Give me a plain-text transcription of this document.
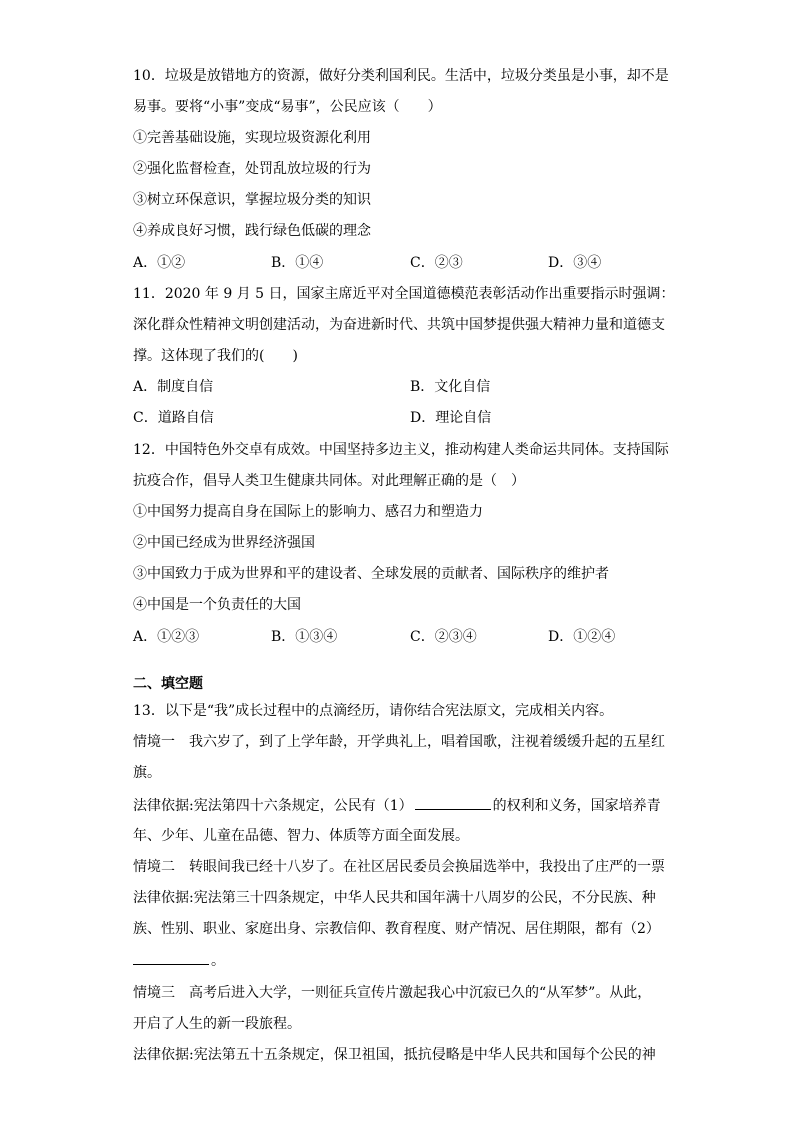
10．垃圾是放错地方的资源，做好分类利国利民。生活中，垃圾分类虽是小事，却不是
易事。要将“小事”变成“易事”，公民应该（　　）
①完善基础设施，实现垃圾资源化利用
②强化监督检查，处罚乱放垃圾的行为
③树立环保意识，掌握垃圾分类的知识
④养成良好习惯，践行绿色低碳的理念
A．①②	B．①④	C．②③	D．③④
11．2020 年 9 月 5 日，国家主席近平对全国道德模范表彰活动作出重要指示时强调：
深化群众性精神文明创建活动，为奋进新时代、共筑中国梦提供强大精神力量和道德支
撑。这体现了我们的(　　)
A．制度自信	B．文化自信
C．道路自信	D．理论自信
12．中国特色外交卓有成效。中国坚持多边主义，推动构建人类命运共同体。支持国际
抗疫合作，倡导人类卫生健康共同体。对此理解正确的是（　）
①中国努力提高自身在国际上的影响力、感召力和塑造力
②中国已经成为世界经济强国
③中国致力于成为世界和平的建设者、全球发展的贡献者、国际秩序的维护者
④中国是一个负责任的大国
A．①②③	B．①③④	C．②③④	D．①②④
二、填空题
13．以下是“我”成长过程中的点滴经历，请你结合宪法原文，完成相关内容。
情境一　我六岁了，到了上学年龄，开学典礼上，唱着国歌，注视着缓缓升起的五星红
旗。
法律依据:宪法第四十六条规定，公民有（1）	的权利和义务，国家培养青
年、少年、儿童在品德、智力、体质等方面全面发展。
情境二　转眼间我已经十八岁了。在社区居民委员会换届选举中，我投出了庄严的一票
法律依据:宪法第三十四条规定，中华人民共和国年满十八周岁的公民，不分民族、种
族、性别、职业、家庭出身、宗教信仰、教育程度、财产情况、居住期限，都有（2）
。
情境三　高考后进入大学，一则征兵宣传片激起我心中沉寂已久的“从军梦”。从此，
开启了人生的新一段旅程。
法律依据:宪法第五十五条规定，保卫祖国，抵抗侵略是中华人民共和国每个公民的神
